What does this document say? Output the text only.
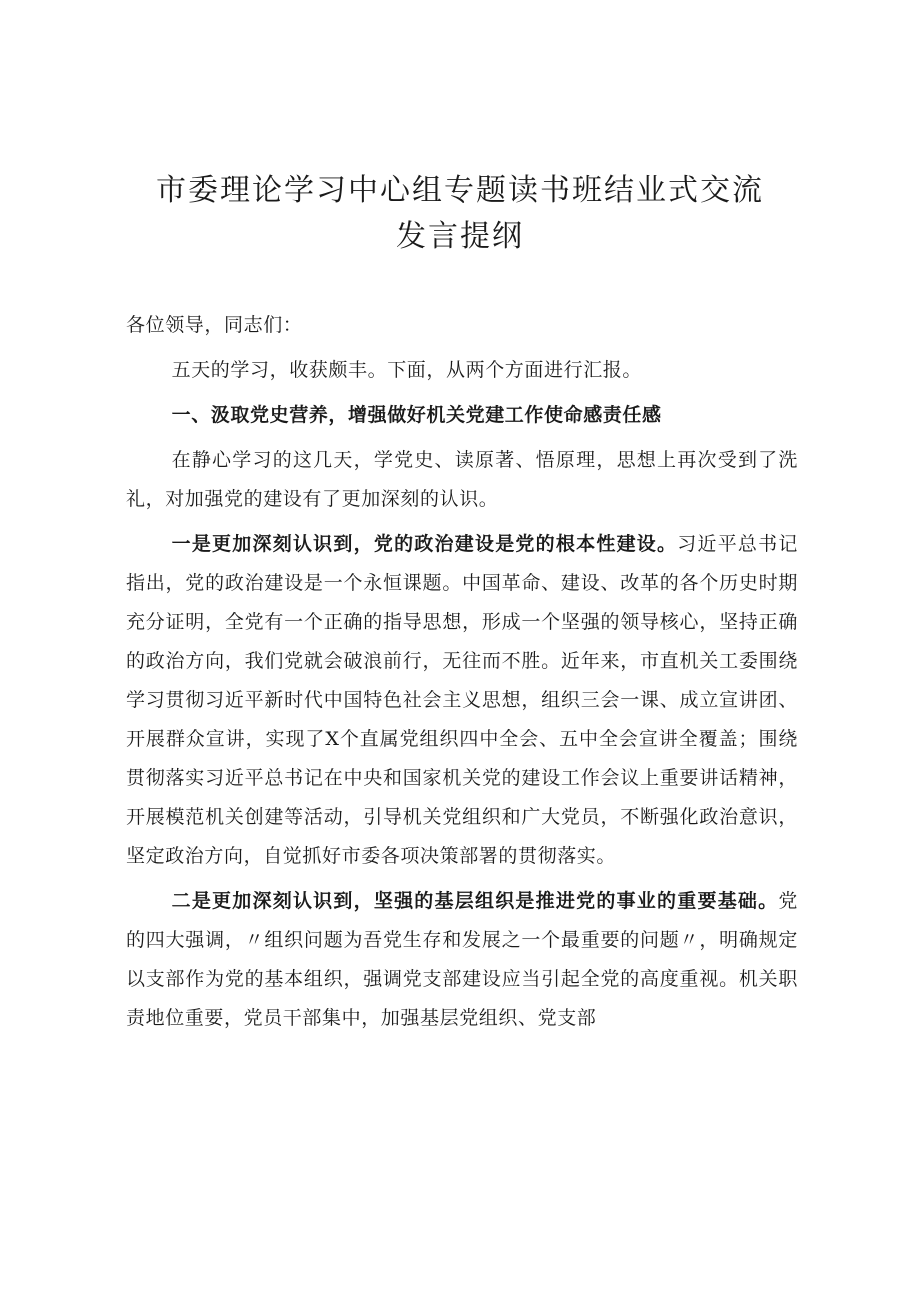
市委理论学习中心组专题读书班结业式交流
发言提纲

各位领导，同志们：

五天的学习，收获颇丰。下面，从两个方面进行汇报。

一、汲取党史营养，增强做好机关党建工作使命感责任感

在静心学习的这几天，学党史、读原著、悟原理，思想上再次受到了洗礼，对加强党的建设有了更加深刻的认识。

一是更加深刻认识到，党的政治建设是党的根本性建设。习近平总书记指出，党的政治建设是一个永恒课题。中国革命、建设、改革的各个历史时期充分证明，全党有一个正确的指导思想，形成一个坚强的领导核心，坚持正确的政治方向，我们党就会破浪前行，无往而不胜。近年来，市直机关工委围绕学习贯彻习近平新时代中国特色社会主义思想，组织三会一课、成立宣讲团、开展群众宣讲，实现了X个直属党组织四中全会、五中全会宣讲全覆盖；围绕贯彻落实习近平总书记在中央和国家机关党的建设工作会议上重要讲话精神，开展模范机关创建等活动，引导机关党组织和广大党员，不断强化政治意识，坚定政治方向，自觉抓好市委各项决策部署的贯彻落实。

二是更加深刻认识到，坚强的基层组织是推进党的事业的重要基础。党的四大强调，〃组织问题为吾党生存和发展之一个最重要的问题〃，明确规定以支部作为党的基本组织，强调党支部建设应当引起全党的高度重视。机关职责地位重要，党员干部集中，加强基层党组织、党支部
